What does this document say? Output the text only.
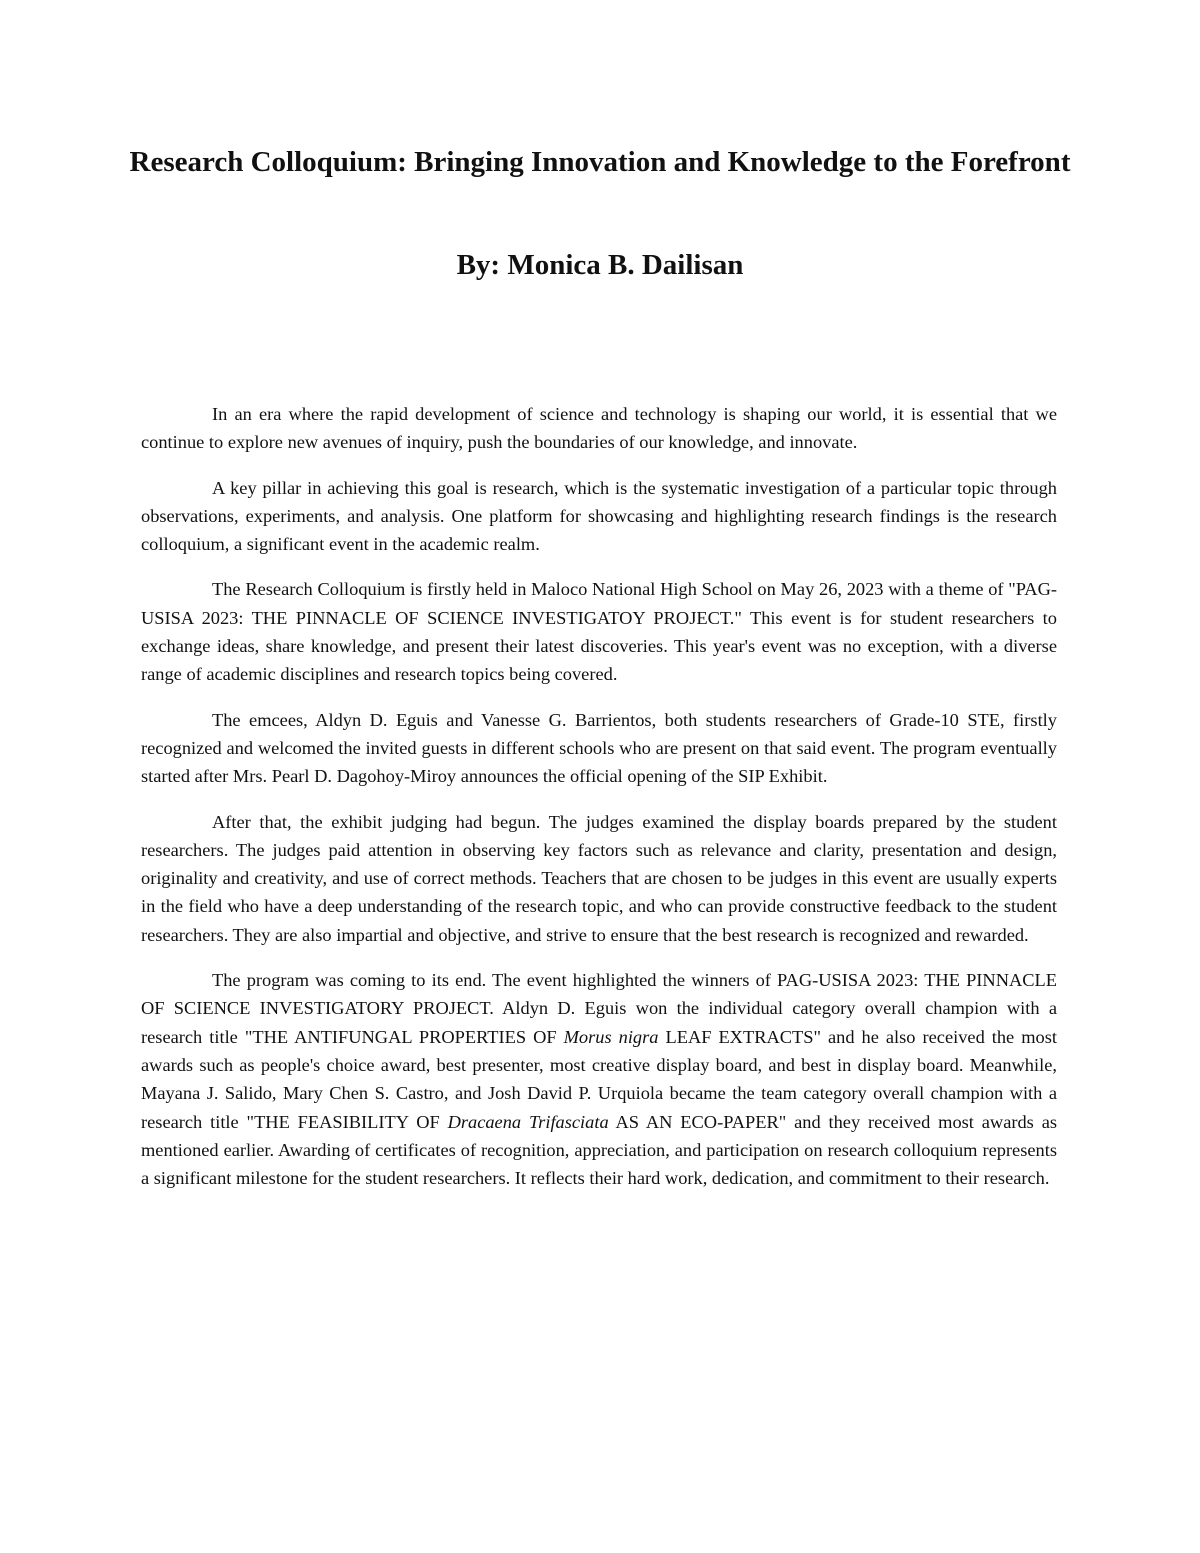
Research Colloquium: Bringing Innovation and Knowledge to the Forefront
By: Monica B. Dailisan

In an era where the rapid development of science and technology is shaping our world, it is essential that we continue to explore new avenues of inquiry, push the boundaries of our knowledge, and innovate.

A key pillar in achieving this goal is research, which is the systematic investigation of a particular topic through observations, experiments, and analysis. One platform for showcasing and highlighting research findings is the research colloquium, a significant event in the academic realm.

The Research Colloquium is firstly held in Maloco National High School on May 26, 2023 with a theme of "PAG-USISA 2023: THE PINNACLE OF SCIENCE INVESTIGATOY PROJECT." This event is for student researchers to exchange ideas, share knowledge, and present their latest discoveries. This year's event was no exception, with a diverse range of academic disciplines and research topics being covered.

The emcees, Aldyn D. Eguis and Vanesse G. Barrientos, both students researchers of Grade-10 STE, firstly recognized and welcomed the invited guests in different schools who are present on that said event. The program eventually started after Mrs. Pearl D. Dagohoy-Miroy announces the official opening of the SIP Exhibit.

After that, the exhibit judging had begun. The judges examined the display boards prepared by the student researchers. The judges paid attention in observing key factors such as relevance and clarity, presentation and design, originality and creativity, and use of correct methods. Teachers that are chosen to be judges in this event are usually experts in the field who have a deep understanding of the research topic, and who can provide constructive feedback to the student researchers. They are also impartial and objective, and strive to ensure that the best research is recognized and rewarded.

The program was coming to its end. The event highlighted the winners of PAG-USISA 2023: THE PINNACLE OF SCIENCE INVESTIGATORY PROJECT. Aldyn D. Eguis won the individual category overall champion with a research title "THE ANTIFUNGAL PROPERTIES OF Morus nigra LEAF EXTRACTS" and he also received the most awards such as people's choice award, best presenter, most creative display board, and best in display board. Meanwhile, Mayana J. Salido, Mary Chen S. Castro, and Josh David P. Urquiola became the team category overall champion with a research title "THE FEASIBILITY OF Dracaena Trifasciata AS AN ECO-PAPER" and they received most awards as mentioned earlier. Awarding of certificates of recognition, appreciation, and participation on research colloquium represents a significant milestone for the student researchers. It reflects their hard work, dedication, and commitment to their research.
